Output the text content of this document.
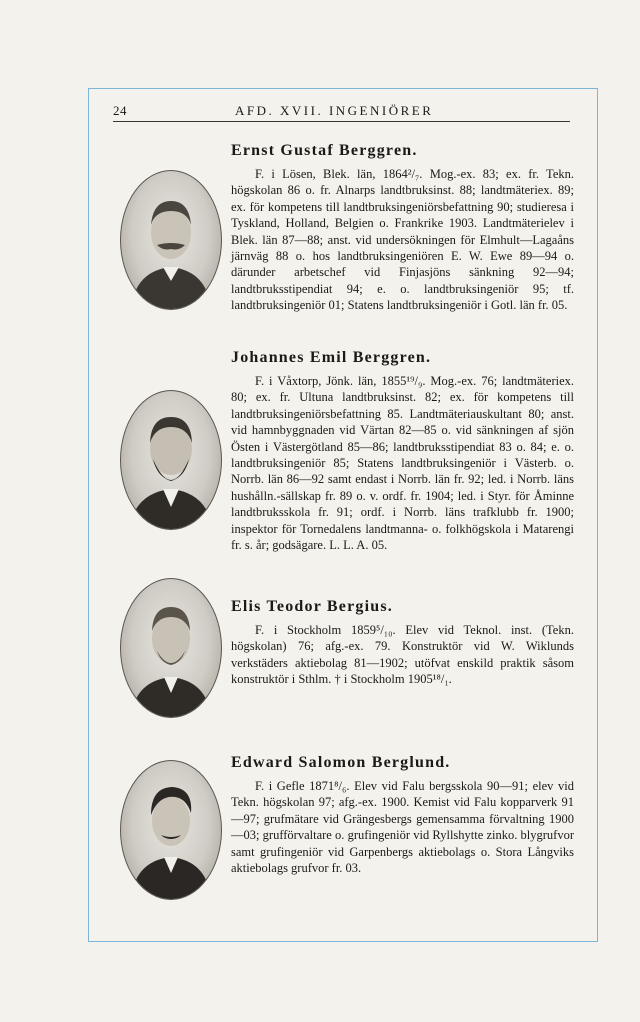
24	AFD. XVII. INGENIÖRER
Ernst Gustaf Berggren.

F. i Lösen, Blek. län, 1864²/₇. Mog.-ex. 83; ex. fr. Tekn. högskolan 86 o. fr. Alnarps landtbruksinst. 88; landtmäteriex. 89; ex. för kompetens till landtbruksingeniörsbefattning 90; studieresa i Tyskland, Holland, Belgien o. Frankrike 1903. Landtmäterielev i Blek. län 87—88; anst. vid undersökningen för Elmhult—Lagaåns järnväg 88 o. hos landtbruksingeniören E. W. Ewe 89—94 o. därunder arbetschef vid Finjasjöns sänkning 92—94; landtbruksstipendiat 94; e. o. landtbruksingeniör 95; tf. landtbruksingeniör 01; Statens landtbruksingeniör i Gotl. län fr. 05.

Johannes Emil Berggren.

F. i Våxtorp, Jönk. län, 1855¹⁹/₉. Mog.-ex. 76; landtmäteriex. 80; ex. fr. Ultuna landtbruksinst. 82; ex. för kompetens till landtbruksingeniörsbefattning 85. Landtmäteriauskultant 80; anst. vid hamnbyggnaden vid Värtan 82—85 o. vid sänkningen af sjön Östen i Västergötland 85—86; landtbruksstipendiat 83 o. 84; e. o. landtbruksingeniör 85; Statens landtbruksingeniör i Västerb. o. Norrb. län 86—92 samt endast i Norrb. län fr. 92; led. i Norrb. läns hushålln.-sällskap fr. 89 o. v. ordf. fr. 1904; led. i Styr. för Åminne landtbruksskola fr. 91; ordf. i Norrb. läns trafklubb fr. 1900; inspektor för Tornedalens landtmanna- o. folkhögskola i Matarengi fr. s. år; godsägare. L. L. A. 05.

Elis Teodor Bergius.

F. i Stockholm 1859⁵/₁₀. Elev vid Teknol. inst. (Tekn. högskolan) 76; afg.-ex. 79. Konstruktör vid W. Wiklunds verkstäders aktiebolag 81—1902; utöfvat enskild praktik såsom konstruktör i Sthlm. † i Stockholm 1905¹⁸/₁.

Edward Salomon Berglund.

F. i Gefle 1871⁸/₆. Elev vid Falu bergsskola 90—91; elev vid Tekn. högskolan 97; afg.-ex. 1900. Kemist vid Falu kopparverk 91—97; grufmätare vid Grängesbergs gemensamma förvaltning 1900—03; grufförvaltare o. grufingeniör vid Ryllshytte zinko. blygrufvor samt grufingeniör vid Garpenbergs aktiebolags o. Stora Långviks aktiebolags grufvor fr. 03.
